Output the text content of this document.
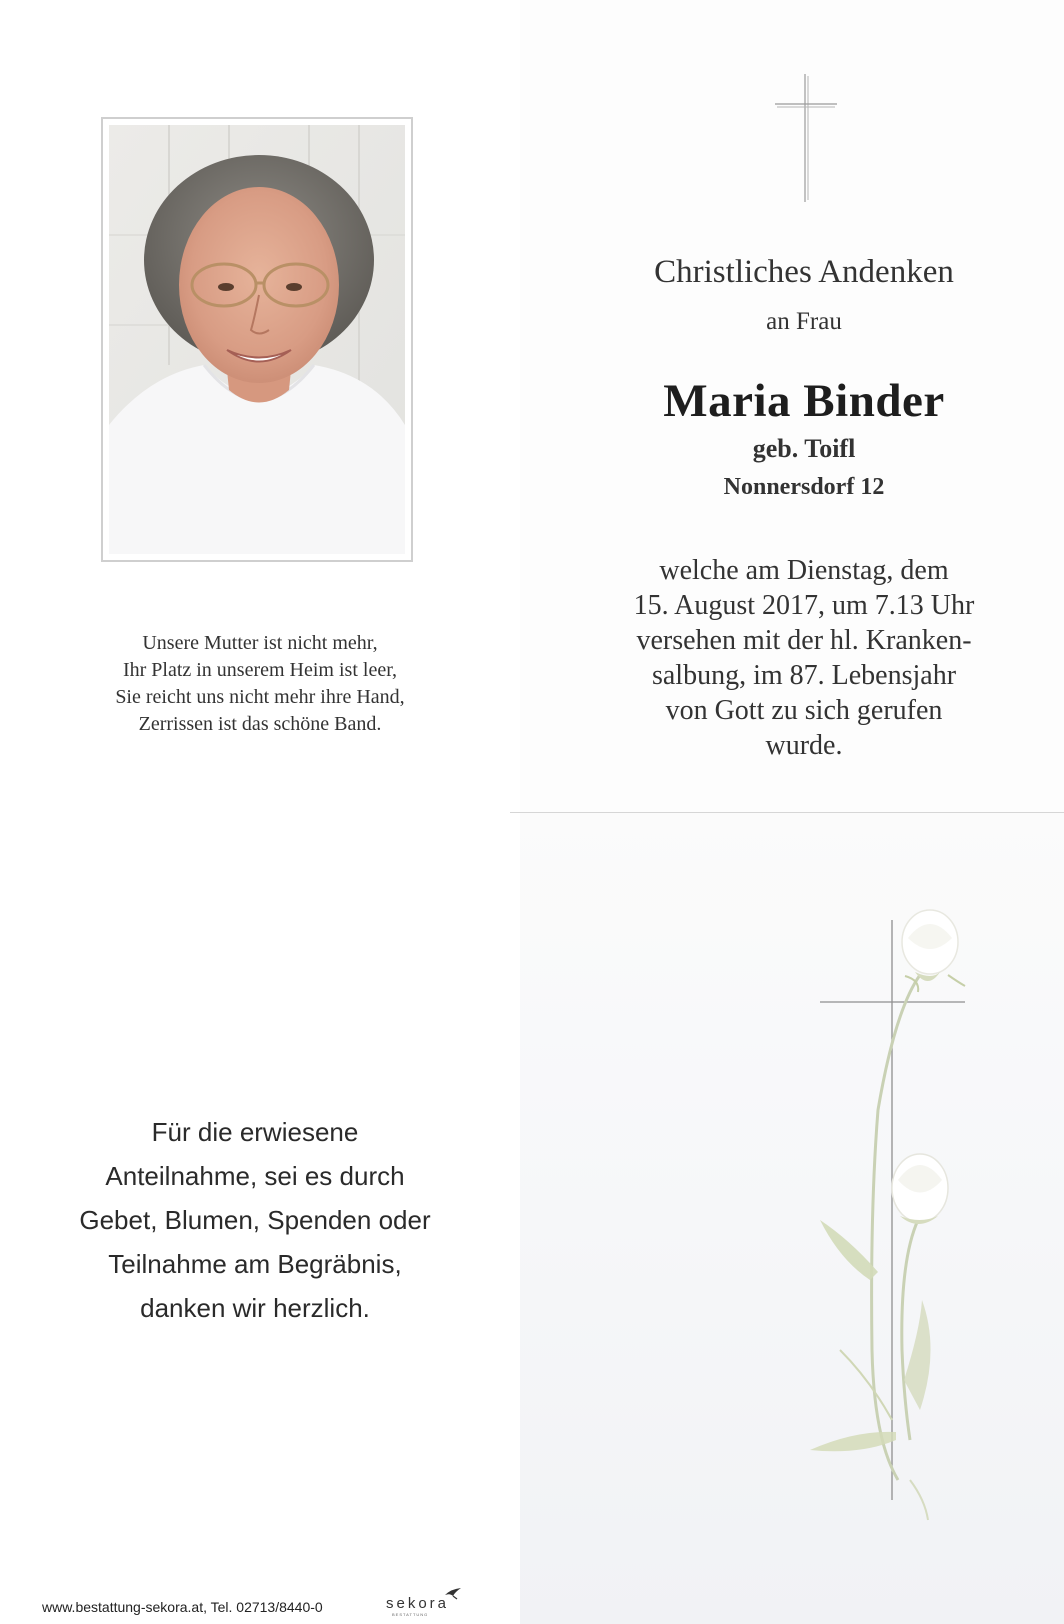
Unsere Mutter ist nicht mehr,
Ihr Platz in unserem Heim ist leer,
Sie reicht uns nicht mehr ihre Hand,
Zerrissen ist das schöne Band.
Christliches Andenken
an Frau
Maria Binder
geb. Toifl
Nonnersdorf 12
welche am Dienstag, dem
15. August 2017, um 7.13 Uhr
versehen mit der hl. Kranken-
salbung, im 87. Lebensjahr
von Gott zu sich gerufen
wurde.
Für die erwiesene
Anteilnahme, sei es durch
Gebet, Blumen, Spenden oder
Teilnahme am Begräbnis,
danken wir herzlich.
www.bestattung-sekora.at, Tel. 02713/8440-0	sekora
BESTATTUNG
